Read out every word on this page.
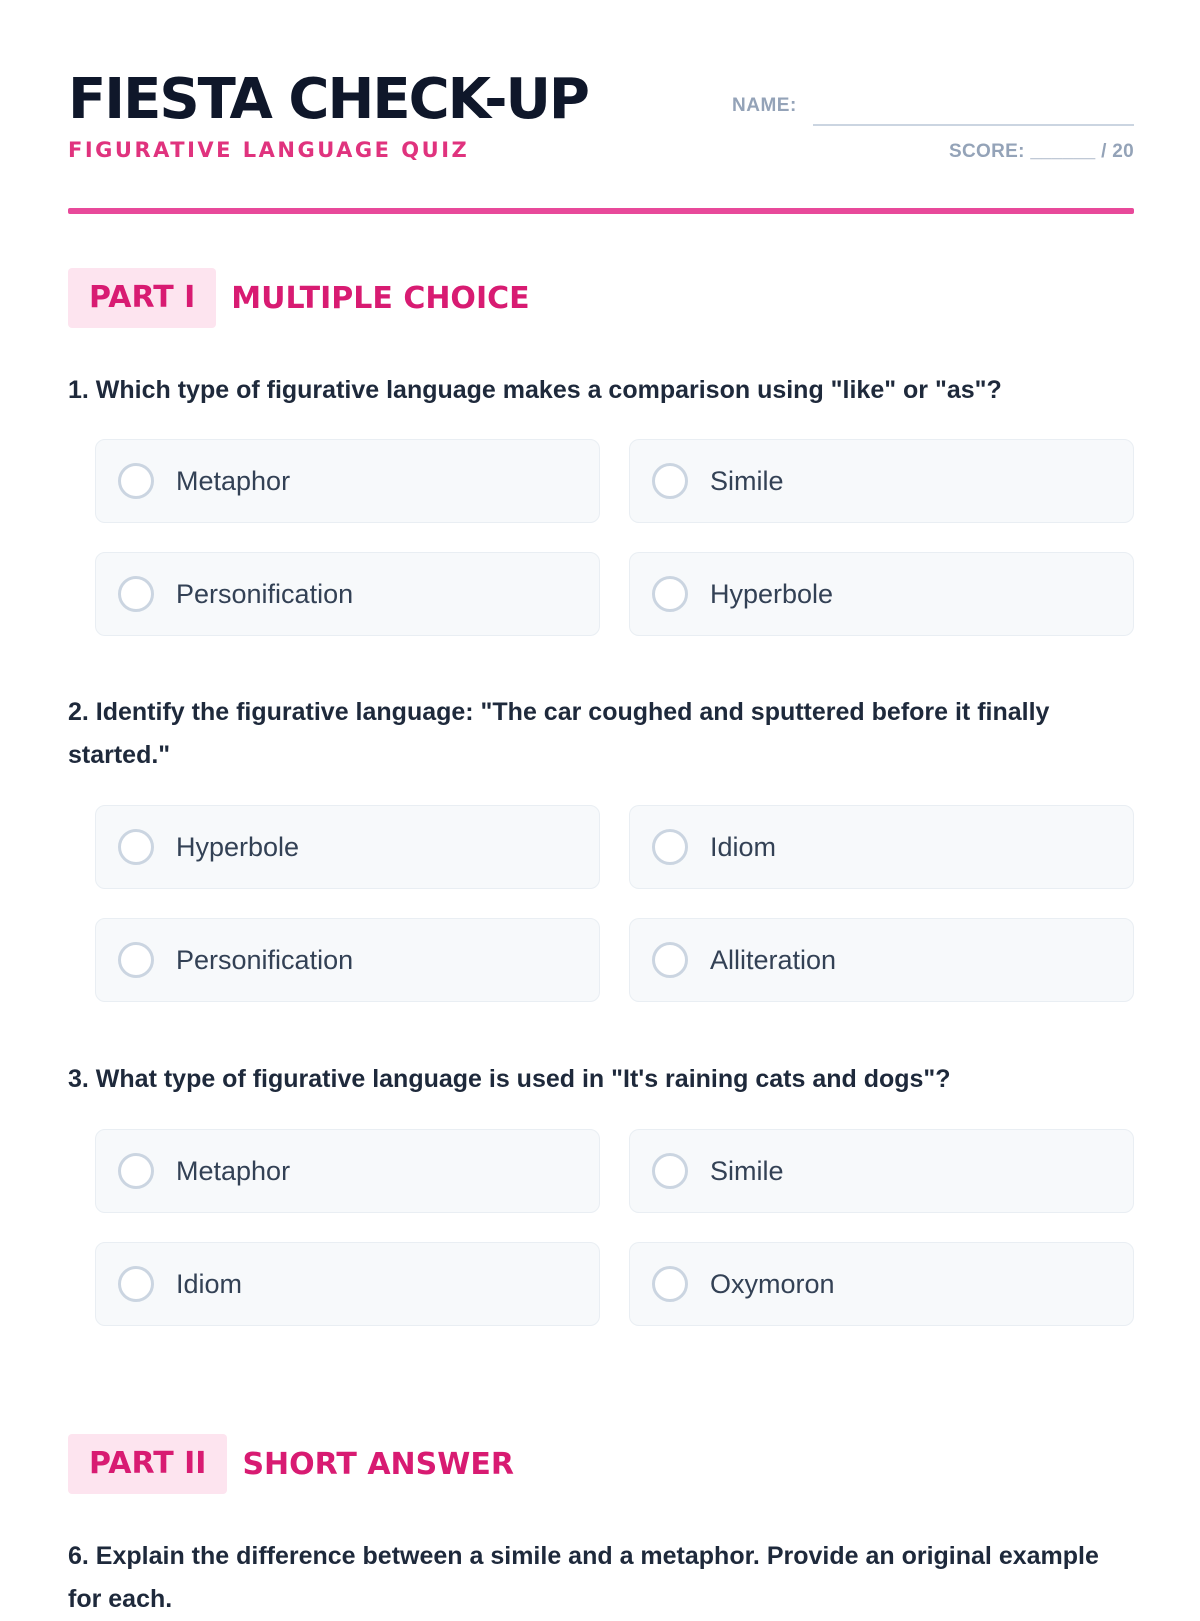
FIESTA CHECK-UP
FIGURATIVE LANGUAGE QUIZ
NAME:
SCORE: ______ / 20
PART I	MULTIPLE CHOICE
1. Which type of figurative language makes a comparison using "like" or "as"?
Metaphor	Simile
Personification	Hyperbole
2. Identify the figurative language: "The car coughed and sputtered before it finally started."
Hyperbole	Idiom
Personification	Alliteration
3. What type of figurative language is used in "It's raining cats and dogs"?
Metaphor	Simile
Idiom	Oxymoron
PART II	SHORT ANSWER
6. Explain the difference between a simile and a metaphor. Provide an original example for each.
